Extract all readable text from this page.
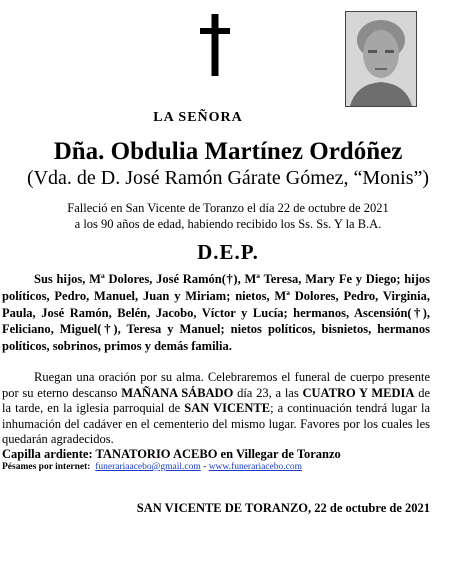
LA SEÑORA
Dña. Obdulia Martínez Ordóñez
(Vda. de D. José Ramón Gárate Gómez, “Monis”)
Falleció en San Vicente de Toranzo el día 22 de octubre de 2021
a los 90 años de edad, habiendo recibido los Ss. Ss. Y la B.A.
D.E.P.
Sus hijos, Mª Dolores, José Ramón(†), Mª Teresa, Mary Fe y Diego; hijos políticos, Pedro, Manuel, Juan y Miriam; nietos, Mª Dolores, Pedro, Virginia, Paula, José Ramón, Belén, Jacobo, Víctor y Lucía; hermanos, Ascensión(†), Feliciano, Miguel(†), Teresa y Manuel; nietos políticos, bisnietos, hermanos políticos, sobrinos, primos y demás familia.
Ruegan una oración por su alma. Celebraremos el funeral de cuerpo presente por su eterno descanso MAÑANA SÁBADO día 23, a las CUATRO Y MEDIA de la tarde, en la iglesia parroquial de SAN VICENTE; a continuación tendrá lugar la inhumación del cadáver en el cementerio del mismo lugar. Favores por los cuales les quedarán agradecidos.
Capilla ardiente: TANATORIO ACEBO en Villegar de Toranzo
Pésames por internet: funerariaacebo@gmail.com - www.funerariacebo.com
SAN VICENTE DE TORANZO, 22 de octubre de 2021
